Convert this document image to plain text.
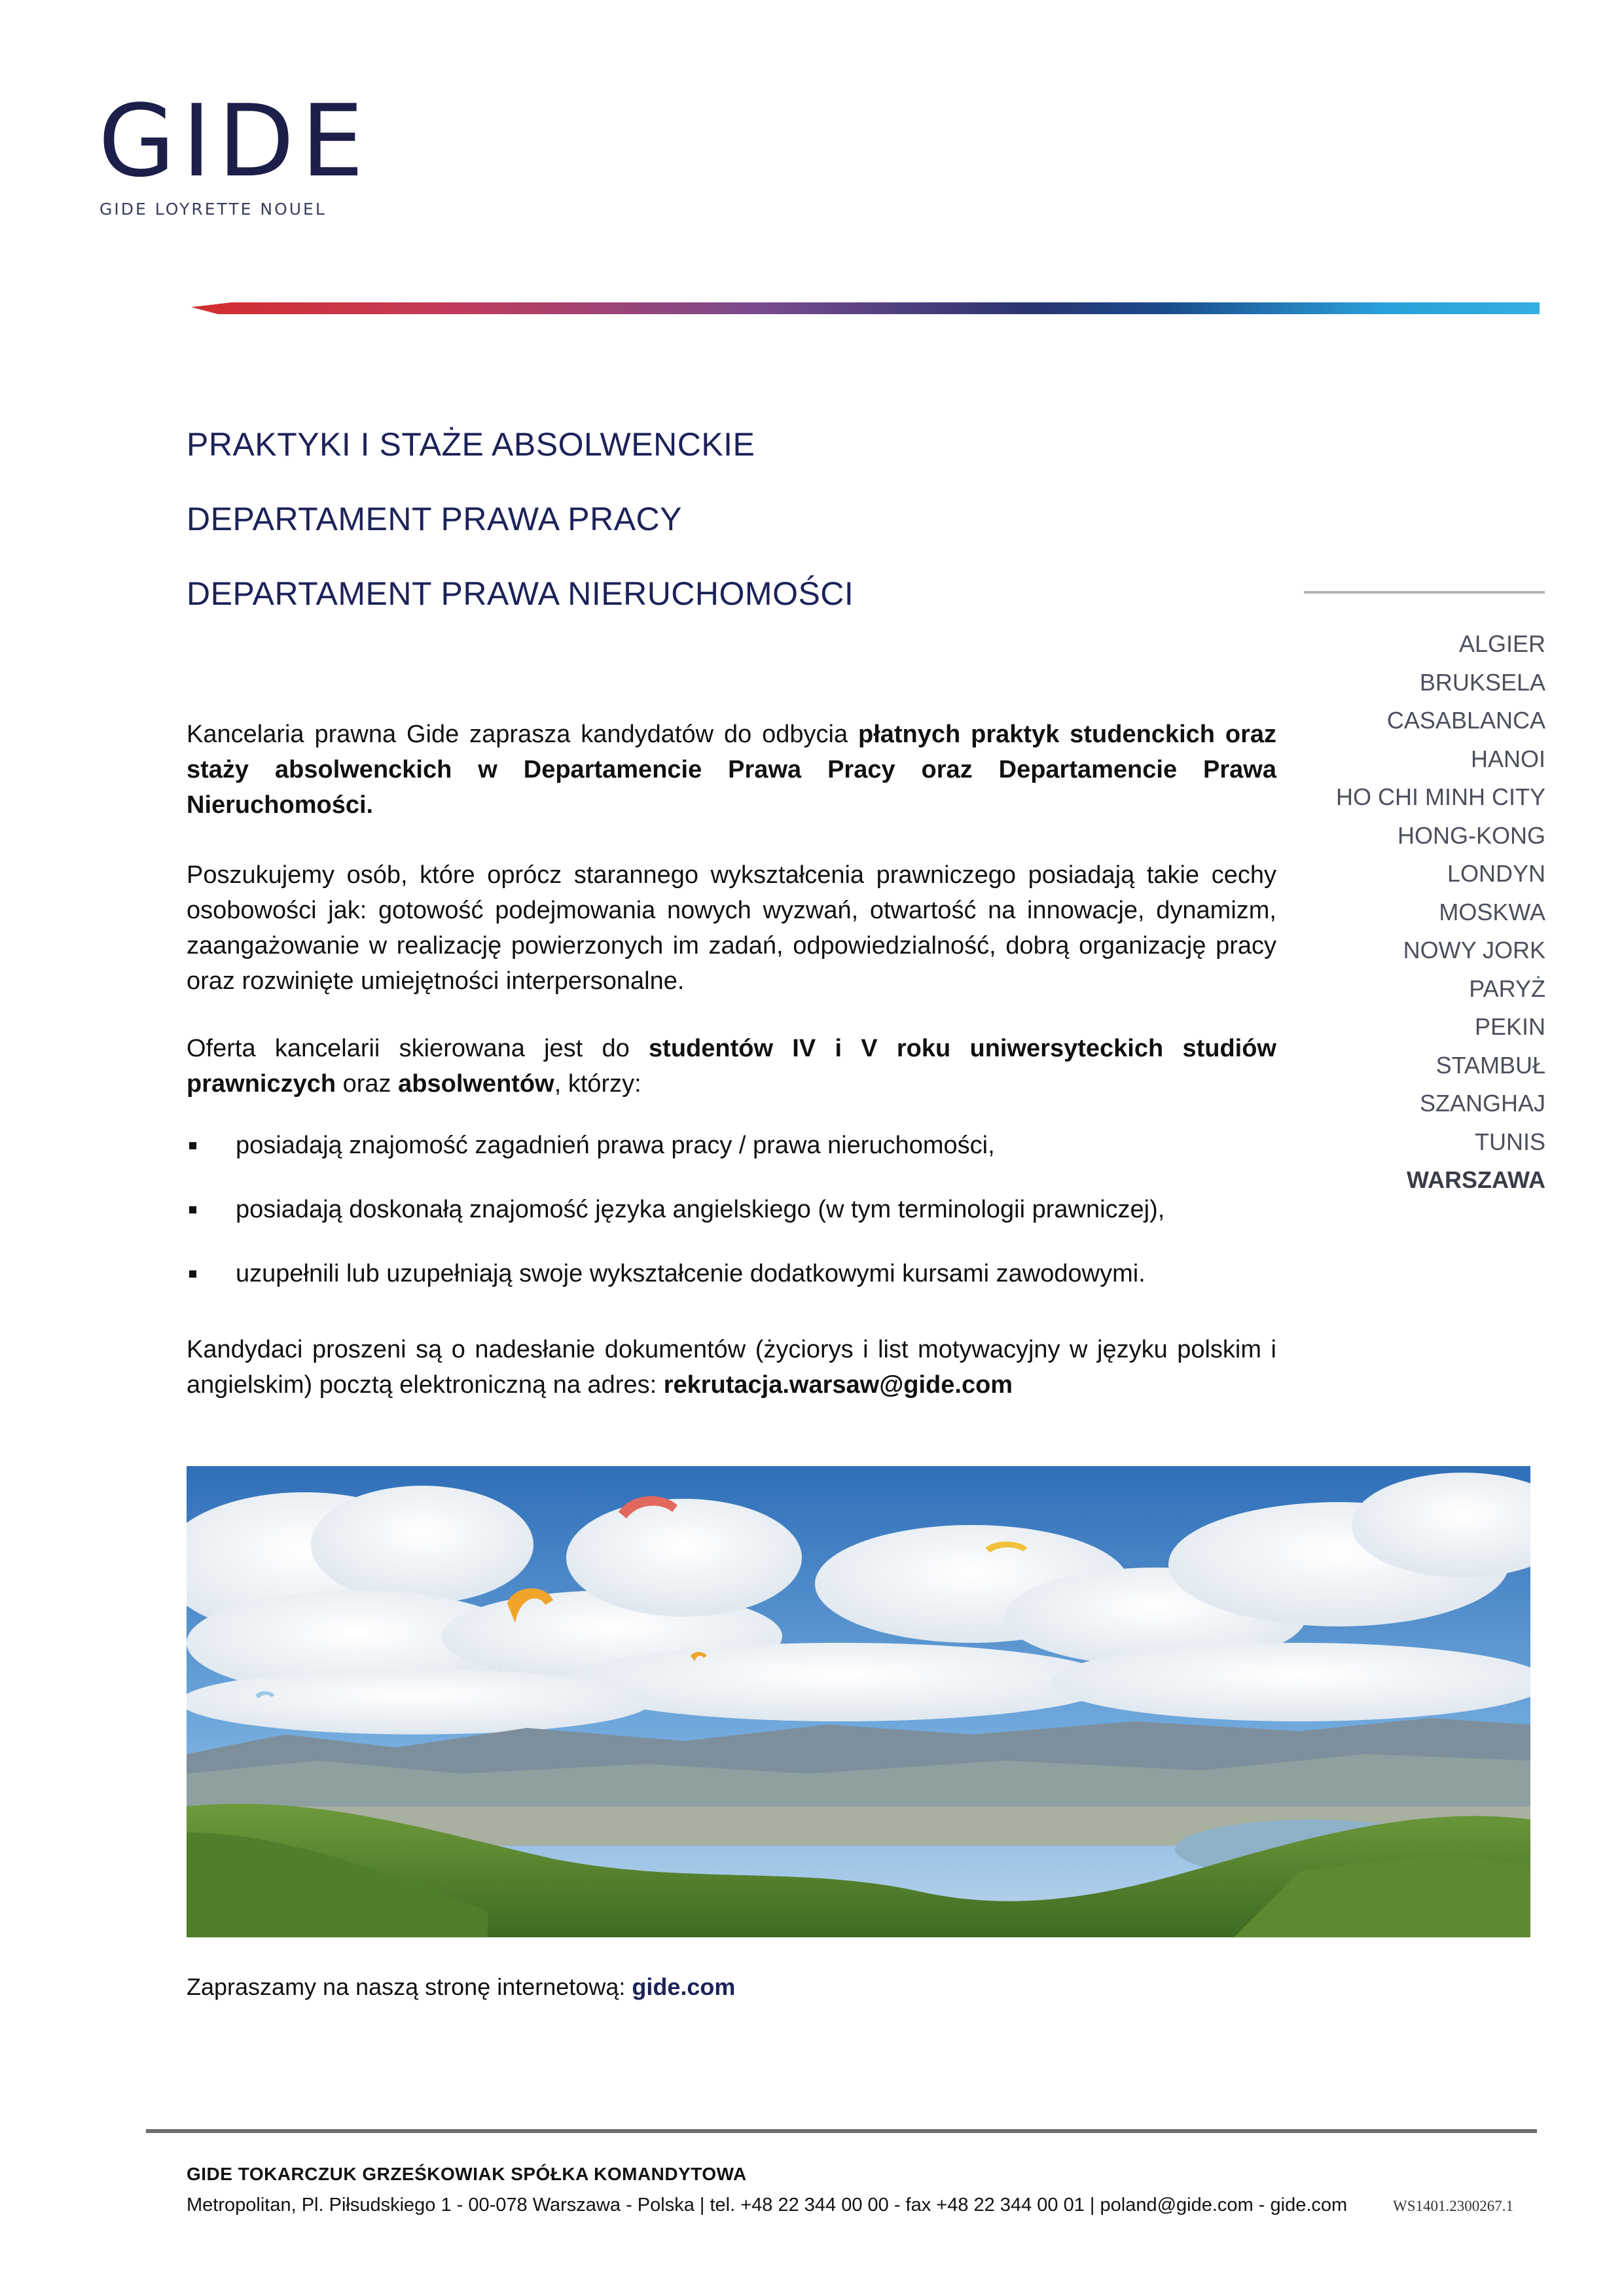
GIDE
GIDE LOYRETTE NOUEL
PRAKTYKI I STAŻE ABSOLWENCKIE
DEPARTAMENT PRAWA PRACY
DEPARTAMENT PRAWA NIERUCHOMOŚCI
ALGIER
BRUKSELA
CASABLANCA
HANOI
HO CHI MINH CITY
HONG-KONG
LONDYN
MOSKWA
NOWY JORK
PARYŻ
PEKIN
STAMBUŁ
SZANGHAJ
TUNIS
WARSZAWA
Kancelaria prawna Gide zaprasza kandydatów do odbycia płatnych praktyk studenckich oraz staży absolwenckich w Departamencie Prawa Pracy oraz Departamencie Prawa Nieruchomości.
Poszukujemy osób, które oprócz starannego wykształcenia prawniczego posiadają takie cechy osobowości jak: gotowość podejmowania nowych wyzwań, otwartość na innowacje, dynamizm, zaangażowanie w realizację powierzonych im zadań, odpowiedzialność, dobrą organizację pracy oraz rozwinięte umiejętności interpersonalne.
Oferta kancelarii skierowana jest do studentów IV i V roku uniwersyteckich studiów prawniczych oraz absolwentów, którzy:
posiadają znajomość zagadnień prawa pracy / prawa nieruchomości,
posiadają doskonałą znajomość języka angielskiego (w tym terminologii prawniczej),
uzupełnili lub uzupełniają swoje wykształcenie dodatkowymi kursami zawodowymi.
Kandydaci proszeni są o nadesłanie dokumentów (życiorys i list motywacyjny w języku polskim i angielskim) pocztą elektroniczną na adres: rekrutacja.warsaw@gide.com
Zapraszamy na naszą stronę internetową: gide.com
GIDE TOKARCZUK GRZEŚKOWIAK SPÓŁKA KOMANDYTOWA
Metropolitan, Pl. Piłsudskiego 1 - 00-078 Warszawa - Polska | tel. +48 22 344 00 00 - fax +48 22 344 00 01 | poland@gide.com - gide.com	WS1401.2300267.1
